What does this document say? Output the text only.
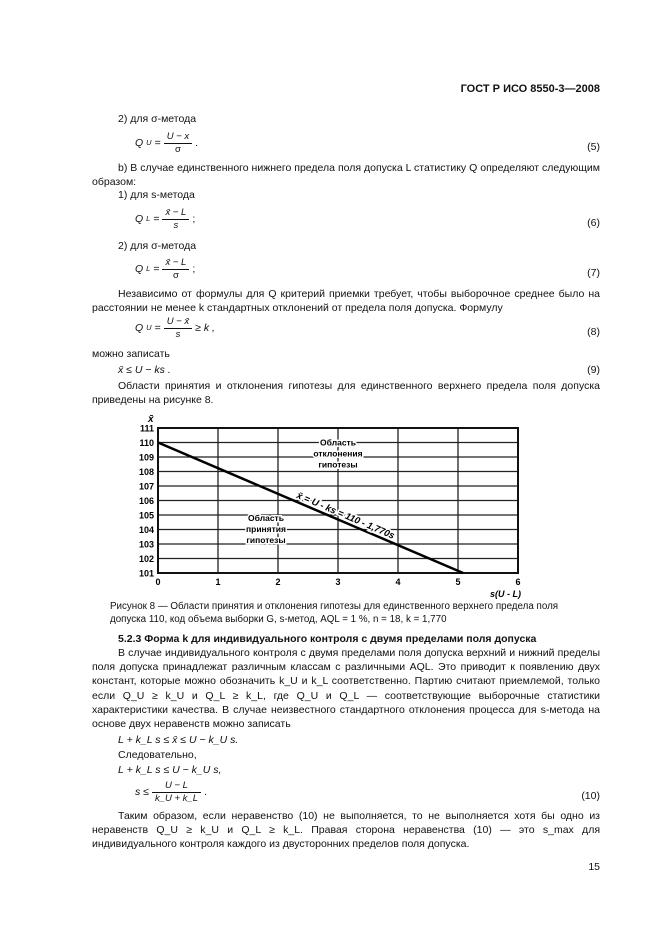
ГОСТ Р ИСО 8550-3—2008
2) для σ-метода
Q $U = \frac{U - x}{\sigma}$ .	(5)
b) В случае единственного нижнего предела поля допуска L статистику Q определяют следующим образом:
1) для s-метода
Q $L = \frac{x̄ - L}{s}$ ;	(6)
2) для σ-метода
Q $L = \frac{x̄ - L}{\sigma}$ ;	(7)
Независимо от формулы для Q критерий приемки требует, чтобы выборочное среднее было на расстоянии не менее k стандартных отклонений от предела поля допуска. Формулу
Q $U = \frac{U - x̄}{s} \ge k$ ,	(8)
можно записать
x̄ ≤ U − ks .	(9)
Области принятия и отклонения гипотезы для единственного верхнего предела поля допуска приведены на рисунке 8.
101
102
103
104
105
106
107
108
109
110
111
0	1	2	3	4	5	6
x̄
s(U - L)
x̄ = U - ks = 110 - 1,770s
Область
отклонения
гипотезы
Область
принятия
гипотезы
Рисунок 8 — Области принятия и отклонения гипотезы для единственного верхнего предела поля допуска 110, код объема выборки G, s-метод, AQL = 1 %, n = 18, k = 1,770
5.2.3 Форма k для индивидуального контроля с двумя пределами поля допуска
В случае индивидуального контроля с двумя пределами поля допуска верхний и нижний пределы поля допуска принадлежат различным классам с различными AQL. Это приводит к появлению двух констант, которые можно обозначить k_U и k_L соответственно. Партию считают приемлемой, только если Q_U ≥ k_U и Q_L ≥ k_L, где Q_U и Q_L — соответствующие выборочные статистики характеристики качества. В случае неизвестного стандартного отклонения процесса для s-метода на основе двух неравенств можно записать
L + k_L s ≤ x̄ ≤ U − k_U s.
Следовательно,
L + k_L s ≤ U − k_U s,
$s \le \frac{U - L}{k\_U + k\_L}$ .	(10)
Таким образом, если неравенство (10) не выполняется, то не выполняется хотя бы одно из неравенств Q_U ≥ k_U и Q_L ≥ k_L. Правая сторона неравенства (10) — это s_max для индивидуального контроля каждого из двусторонних пределов поля допуска.
15
